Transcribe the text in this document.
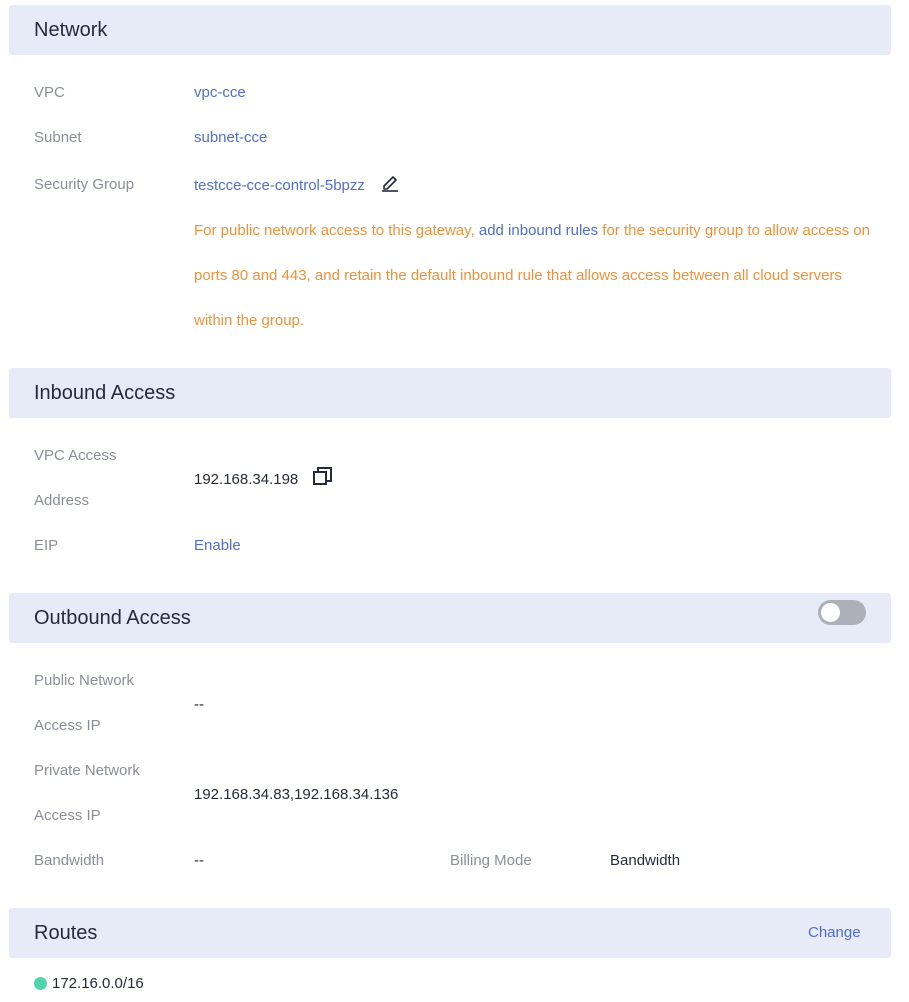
Network
VPC	vpc-cce
Subnet	subnet-cce
Security Group	testcce-cce-control-5bpzz
For public network access to this gateway, add inbound rules for the security group to allow access on ports 80 and 443, and retain the default inbound rule that allows access between all cloud servers within the group.
Inbound Access
VPC Access
Address
192.168.34.198
EIP	Enable
Outbound Access
Public Network
Access IP
--
Private Network
Access IP
192.168.34.83,192.168.34.136
Bandwidth	--	Billing Mode	Bandwidth
Routes	Change
172.16.0.0/16
